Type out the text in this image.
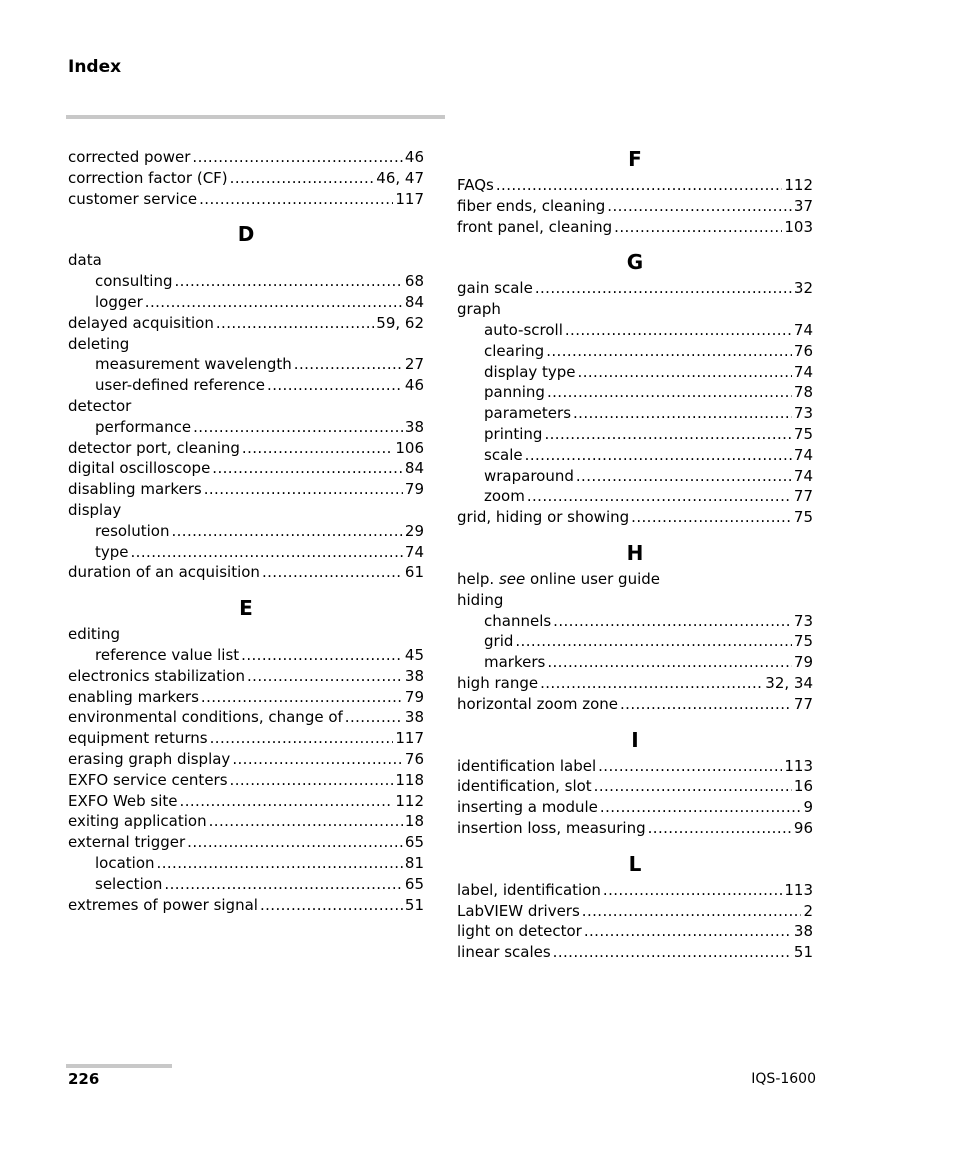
Index
corrected power .....	46
correction factor (CF) .....	46, 47
customer service .....	117
D
data
consulting .....	68
logger .....	84
delayed acquisition .....	59, 62
deleting
measurement wavelength .....	27
user-defined reference .....	46
detector
performance .....	38
detector port, cleaning .....	106
digital oscilloscope .....	84
disabling markers .....	79
display
resolution .....	29
type .....	74
duration of an acquisition .....	61
E
editing
reference value list .....	45
electronics stabilization .....	38
enabling markers .....	79
environmental conditions, change of .....	38
equipment returns .....	117
erasing graph display .....	76
EXFO service centers .....	118
EXFO Web site .....	112
exiting application .....	18
external trigger .....	65
location .....	81
selection .....	65
extremes of power signal .....	51
F
FAQs .....	112
fiber ends, cleaning .....	37
front panel, cleaning .....	103
G
gain scale .....	32
graph
auto-scroll .....	74
clearing .....	76
display type .....	74
panning .....	78
parameters .....	73
printing .....	75
scale .....	74
wraparound .....	74
zoom .....	77
grid, hiding or showing .....	75
H
help. see online user guide
hiding
channels .....	73
grid .....	75
markers .....	79
high range .....	32, 34
horizontal zoom zone .....	77
I
identification label .....	113
identification, slot .....	16
inserting a module .....	9
insertion loss, measuring .....	96
L
label, identification .....	113
LabVIEW drivers .....	2
light on detector .....	38
linear scales .....	51
226	IQS-1600
